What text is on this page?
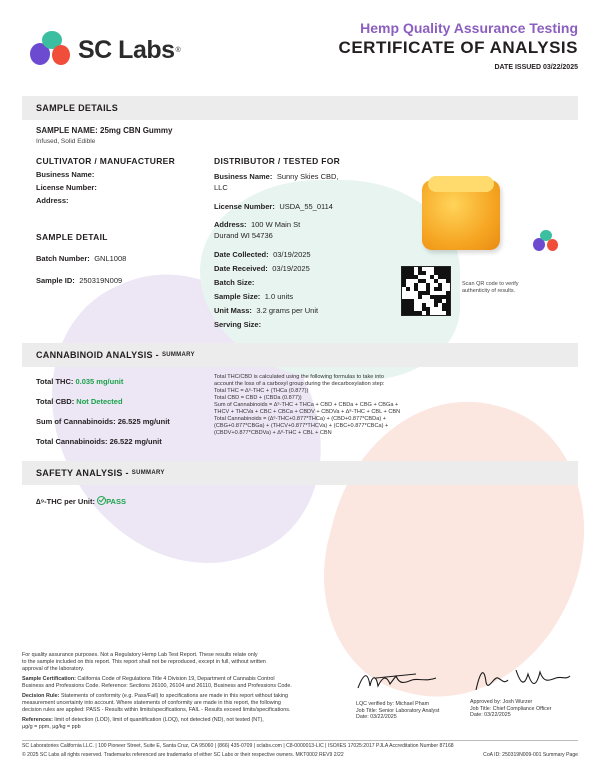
SC Labs ®
Hemp Quality Assurance Testing
CERTIFICATE OF ANALYSIS
DATE ISSUED 03/22/2025
SAMPLE DETAILS
SAMPLE NAME: 25mg CBN Gummy
Infused, Solid Edible
CULTIVATOR / MANUFACTURER
Business Name:
License Number:
Address:
DISTRIBUTOR / TESTED FOR
Business Name: Sunny Skies CBD,
LLC
License Number: USDA_55_0114
Address: 100 W Main St
Durand WI 54736
SAMPLE DETAIL
Batch Number: GNL1008
Sample ID: 250319N009
Date Collected: 03/19/2025
Date Received: 03/19/2025
Batch Size:
Sample Size: 1.0 units
Unit Mass: 3.2 grams per Unit
Serving Size:
Scan QR code to verify
authenticity of results.
CANNABINOID ANALYSIS - SUMMARY
Total THC: 0.035 mg/unit
Total CBD: Not Detected
Sum of Cannabinoids: 26.525 mg/unit
Total Cannabinoids: 26.522 mg/unit
Total THC/CBD is calculated using the following formulas to take into
account the loss of a carboxyl group during the decarboxylation step:
Total THC = ∆⁹-THC + (THCa (0.877))
Total CBD = CBD + (CBDa (0.877))
Sum of Cannabinoids = ∆⁹-THC + THCa + CBD + CBDa + CBG + CBGa +
THCV + THCVa + CBC + CBCa + CBDV + CBDVa + ∆⁸-THC + CBL + CBN
Total Cannabinoids = (∆⁹-THC+0.877*THCa) + (CBD+0.877*CBDa) +
(CBG+0.877*CBGa) + (THCV+0.877*THCVa) + (CBC+0.877*CBCa) +
(CBDV+0.877*CBDVa) + ∆⁸-THC + CBL + CBN
SAFETY ANALYSIS - SUMMARY
∆⁹-THC per Unit: PASS
For quality assurance purposes. Not a Regulatory Hemp Lab Test Report. These results relate only
to the sample included on this report. This report shall not be reproduced, except in full, without written
approval of the laboratory.
Sample Certification: California Code of Regulations Title 4 Division 19, Department of Cannabis Control
Business and Professions Code. Reference: Sections 26100, 26104 and 26110, Business and Professions Code.
Decision Rule: Statements of conformity (e.g. Pass/Fail) to specifications are made in this report without taking
measurement uncertainty into account. Where statements of conformity are made in this report, the following
decision rules are applied: PASS - Results within limits/specifications, FAIL - Results exceed limits/specifications.
References: limit of detection (LOD), limit of quantification (LOQ), not detected (ND), not tested (NT),
µg/g = ppm, µg/kg = ppb
LQC verified by: Michael Pham
Job Title: Senior Laboratory Analyst
Date: 03/22/2025
Approved by: Josh Wurzer
Job Title: Chief Compliance Officer
Date: 03/22/2025
SC Laboratories California LLC. | 100 Pioneer Street, Suite E, Santa Cruz, CA 95060 | (866) 435-0709 | sclabs.com | C8-0000013-LIC | ISO/IES 17025:2017 PJLA Accreditation Number 87168
© 2025 SC Labs all rights reserved. Trademarks referenced are trademarks of either SC Labs or their respective owners. MKT0002 REV9 2/22	CoA ID: 250319N009-001 Summary Page
